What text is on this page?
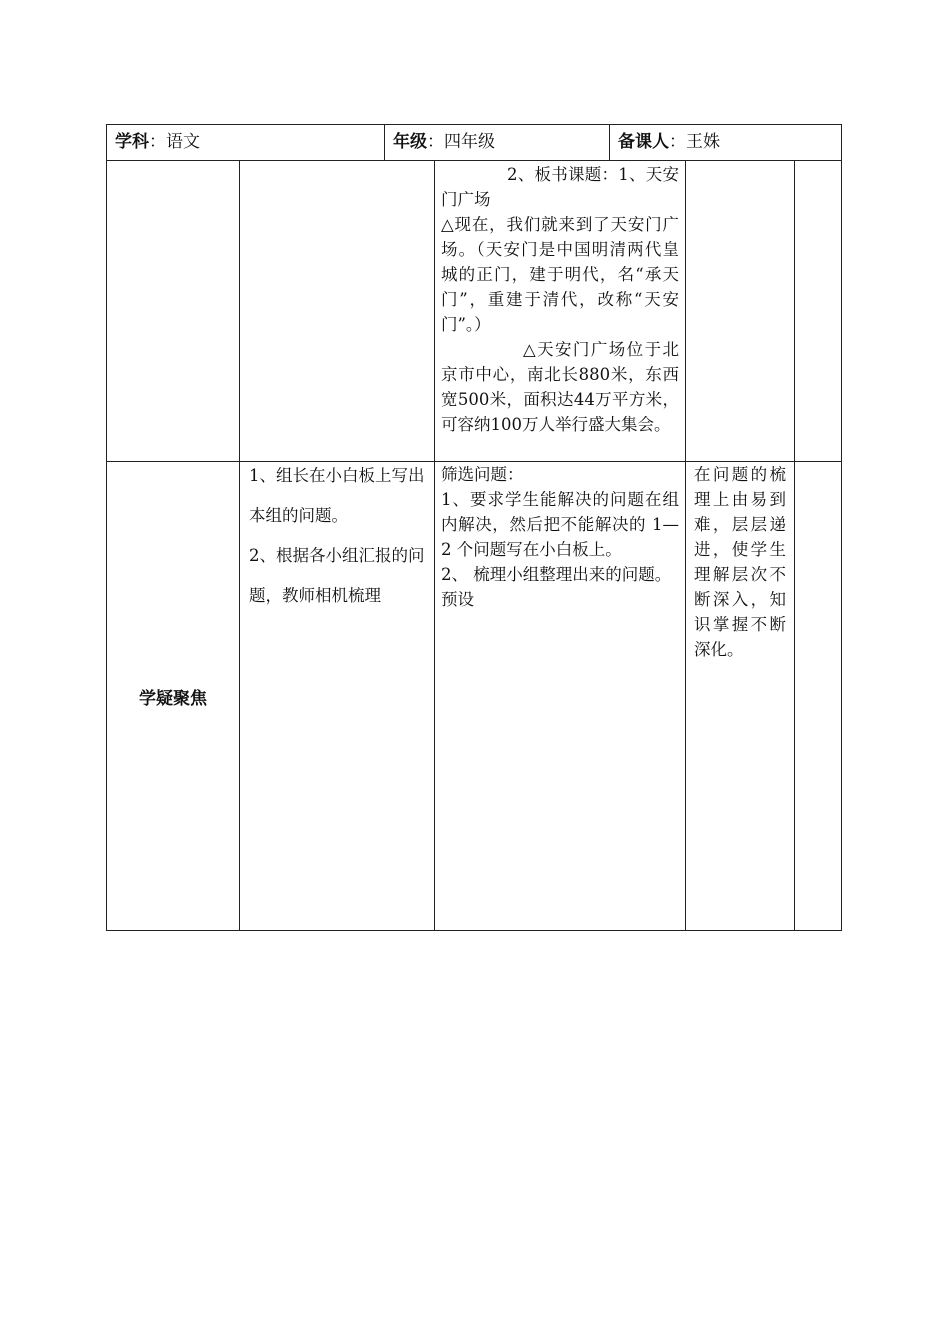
学科：语文	年级：四年级	备课人：王姝

2、板书课题：1、天安门广场

△现在，我们就来到了天安门广场。（天安门是中国明清两代皇城的正门，建于明代，名“承天门”，重建于清代，改称“天安门”。）

△天安门广场位于北京市中心，南北长880米，东西宽500米，面积达44万平方米，可容纳100万人举行盛大集会。

学疑聚焦

1、组长在小白板上写出本组的问题。

2、根据各小组汇报的问题，教师相机梳理

筛选问题：

1、要求学生能解决的问题在组内解决，然后把不能解决的 1—2 个问题写在小白板上。

2、 梳理小组整理出来的问题。

预设

在问题的梳理上由易到难，层层递进，使学生理解层次不断深入，知识掌握不断深化。
